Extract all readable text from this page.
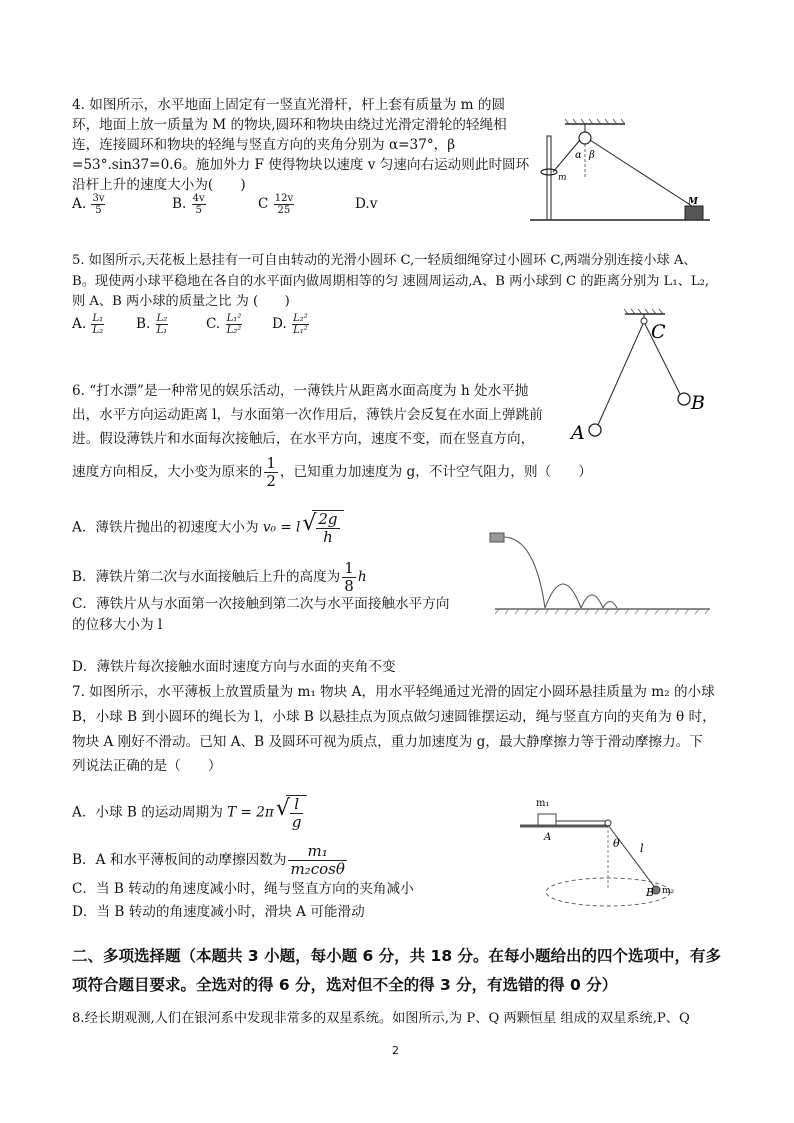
4. 如图所示，水平地面上固定有一竖直光滑杆，杆上套有质量为 m 的圆
环，地面上放一质量为 M 的物块,圆环和物块由绕过光滑定滑轮的轻绳相
连，连接圆环和物块的轻绳与竖直方向的夹角分别为 α=37°，β
=53°.sin37=0.6。施加外力 F 使得物块以速度 v 匀速向右运动则此时圆环
沿杆上升的速度大小为(　　)
A. $\frac{3v}{5}$	B. $\frac{4v}{5}$	C $\frac{12v}{25}$	D.v
α β
m
M
5. 如图所示,天花板上悬挂有一可自由转动的光滑小圆环 C,一轻质细绳穿过小圆环 C,两端分别连接小球 A、
B。现使两小球平稳地在各自的水平面内做周期相等的匀 速圆周运动,A、B 两小球到 C 的距离分别为 L₁、L₂,
则 A、B 两小球的质量之比 为 (　　)
A. $\frac{\text{L₁}}{\text{L₂}} B$. $\frac{\text{L₂}}{\text{L₁}}$	C. $\frac{\text{L₁²}}{\text{L₂²}} D$. $\frac{\text{L₂²}}{\text{L₁²}}$	C
A
B
6. “打水漂”是一种常见的娱乐活动，一薄铁片从距离水面高度为 h 处水平抛
出，水平方向运动距离 l，与水面第一次作用后，薄铁片会反复在水面上弹跳前
进。假设薄铁片和水面每次接触后，在水平方向，速度不变，而在竖直方向，
速度方向相反，大小变为原来的 $\frac{1}{2}$ ，已知重力加速度为 g，不计空气阻力，则（　　）
A．薄铁片抛出的初速度大小为 v₀ = l √ $\frac{2g}{h}$
B．薄铁片第二次与水面接触后上升的高度为 $\frac{1}{8}$ h
C．薄铁片从与水面第一次接触到第二次与水平面接触水平方向
的位移大小为 l
D．薄铁片每次接触水面时速度方向与水面的夹角不变
7. 如图所示，水平薄板上放置质量为 m₁ 物块 A，用水平轻绳通过光滑的固定小圆环悬挂质量为 m₂ 的小球
B，小球 B 到小圆环的绳长为 l，小球 B 以悬挂点为顶点做匀速圆锥摆运动，绳与竖直方向的夹角为 θ 时，
物块 A 刚好不滑动。已知 A、B 及圆环可视为质点，重力加速度为 g，最大静摩擦力等于滑动摩擦力。下
列说法正确的是（　　）
A．小球 B 的运动周期为 T = 2π √ $\frac{l}{g}$
B．A 和水平薄板间的动摩擦因数为 $\frac{\text{m₁}}{\text{m₂cosθ}}$
C．当 B 转动的角速度减小时，绳与竖直方向的夹角减小
D．当 B 转动的角速度减小时，滑块 A 可能滑动
m₁
A	θ l
B m₂
二、多项选择题（本题共 3 小题，每小题 6 分，共 18 分。在每小题给出的四个选项中，有多
项符合题目要求。全选对的得 6 分，选对但不全的得 3 分，有选错的得 0 分）
8.经长期观测,人们在银河系中发现非常多的双星系统。如图所示,为 P、Q 两颗恒星 组成的双星系统,P、Q
2
